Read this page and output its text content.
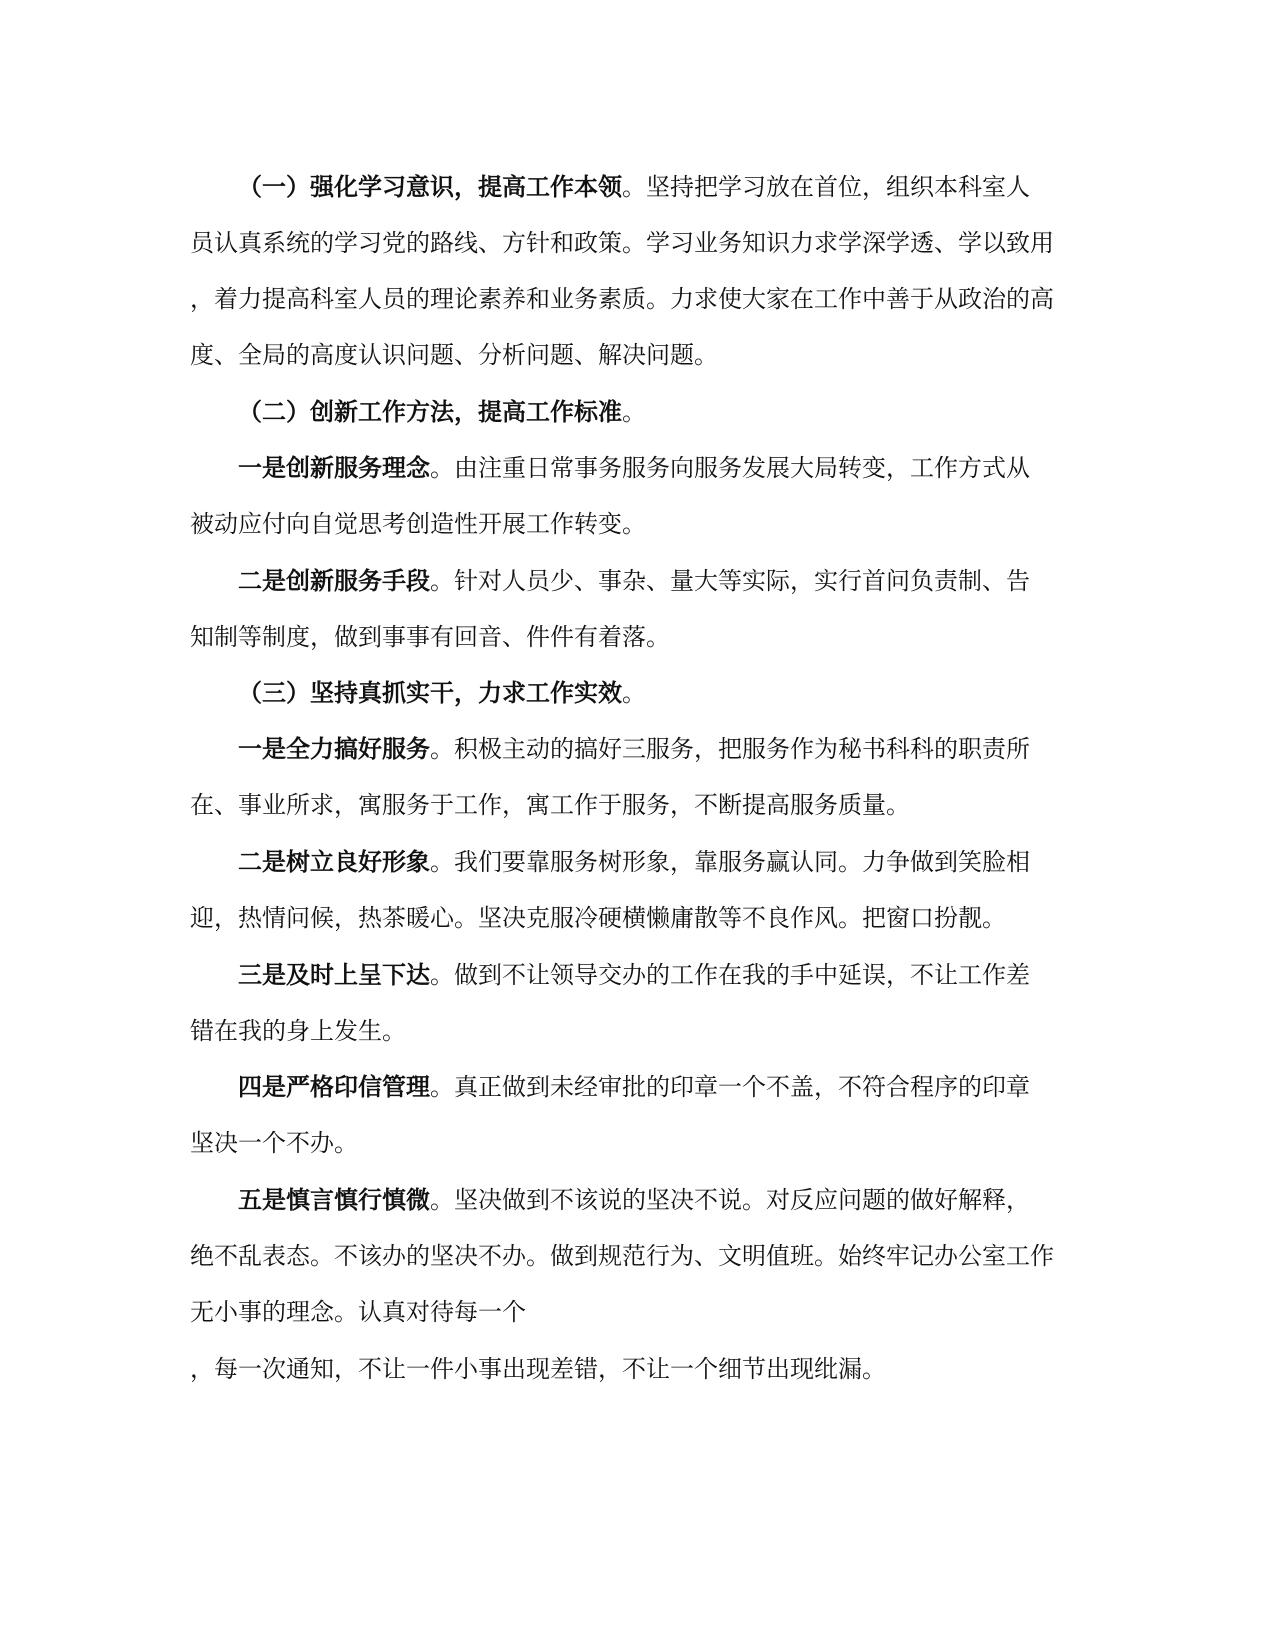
（一）强化学习意识，提高工作本领。坚持把学习放在首位，组织本科室人
员认真系统的学习党的路线、方针和政策。学习业务知识力求学深学透、学以致用
，着力提高科室人员的理论素养和业务素质。力求使大家在工作中善于从政治的高
度、全局的高度认识问题、分析问题、解决问题。
（二）创新工作方法，提高工作标准。
一是创新服务理念。由注重日常事务服务向服务发展大局转变，工作方式从
被动应付向自觉思考创造性开展工作转变。
二是创新服务手段。针对人员少、事杂、量大等实际，实行首问负责制、告
知制等制度，做到事事有回音、件件有着落。
（三）坚持真抓实干，力求工作实效。
一是全力搞好服务。积极主动的搞好三服务，把服务作为秘书科科的职责所
在、事业所求，寓服务于工作，寓工作于服务，不断提高服务质量。
二是树立良好形象。我们要靠服务树形象，靠服务赢认同。力争做到笑脸相
迎，热情问候，热茶暖心。坚决克服冷硬横懒庸散等不良作风。把窗口扮靓。
三是及时上呈下达。做到不让领导交办的工作在我的手中延误，不让工作差
错在我的身上发生。
四是严格印信管理。真正做到未经审批的印章一个不盖，不符合程序的印章
坚决一个不办。
五是慎言慎行慎微。坚决做到不该说的坚决不说。对反应问题的做好解释，
绝不乱表态。不该办的坚决不办。做到规范行为、文明值班。始终牢记办公室工作
无小事的理念。认真对待每一个
，每一次通知，不让一件小事出现差错，不让一个细节出现纰漏。
